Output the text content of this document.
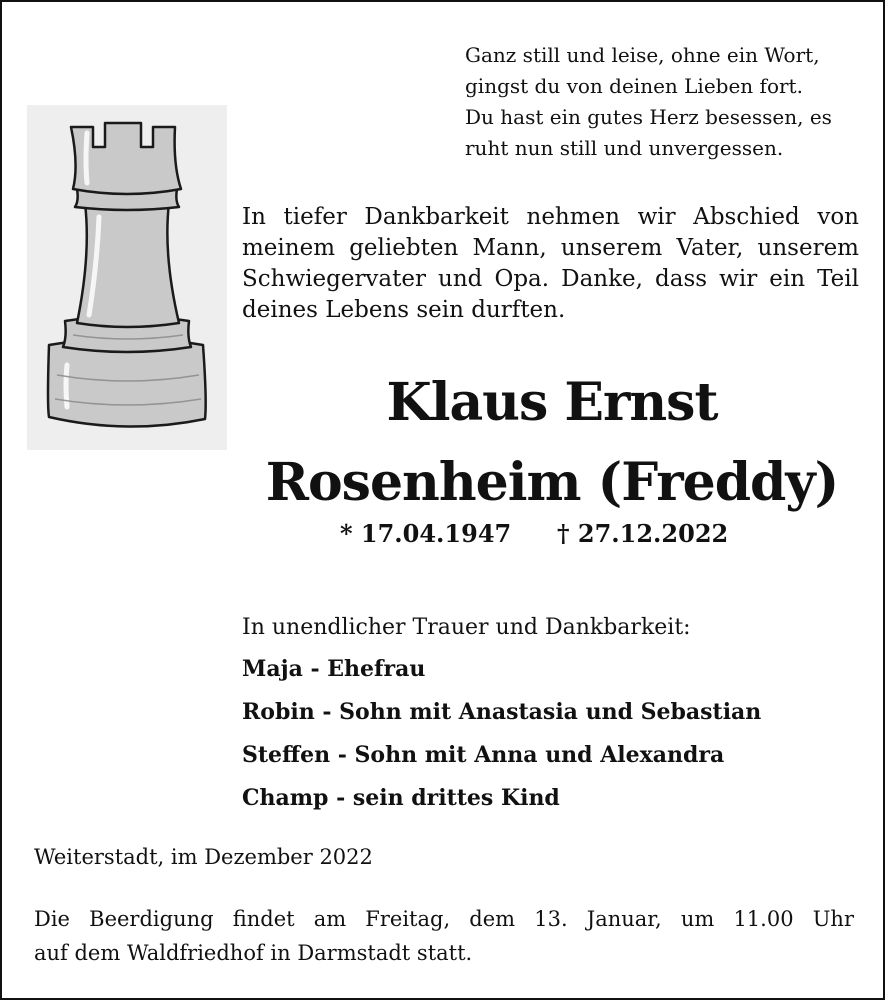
Ganz still und leise, ohne ein Wort,
gingst du von deinen Lieben fort.
Du hast ein gutes Herz besessen, es
ruht nun still und unvergessen.
In tiefer Dankbarkeit nehmen wir Abschied von
meinem geliebten Mann, unserem Vater, unserem
Schwiegervater und Opa. Danke, dass wir ein Teil
deines Lebens sein durften.
Klaus Ernst
Rosenheim (Freddy)
* 17.04.1947 † 27.12.2022
In unendlicher Trauer und Dankbarkeit:
Maja - Ehefrau
Robin - Sohn mit Anastasia und Sebastian
Steffen - Sohn mit Anna und Alexandra
Champ - sein drittes Kind
Weiterstadt, im Dezember 2022
Die Beerdigung findet am Freitag, dem 13. Januar, um 11.00 Uhr
auf dem Waldfriedhof in Darmstadt statt.
